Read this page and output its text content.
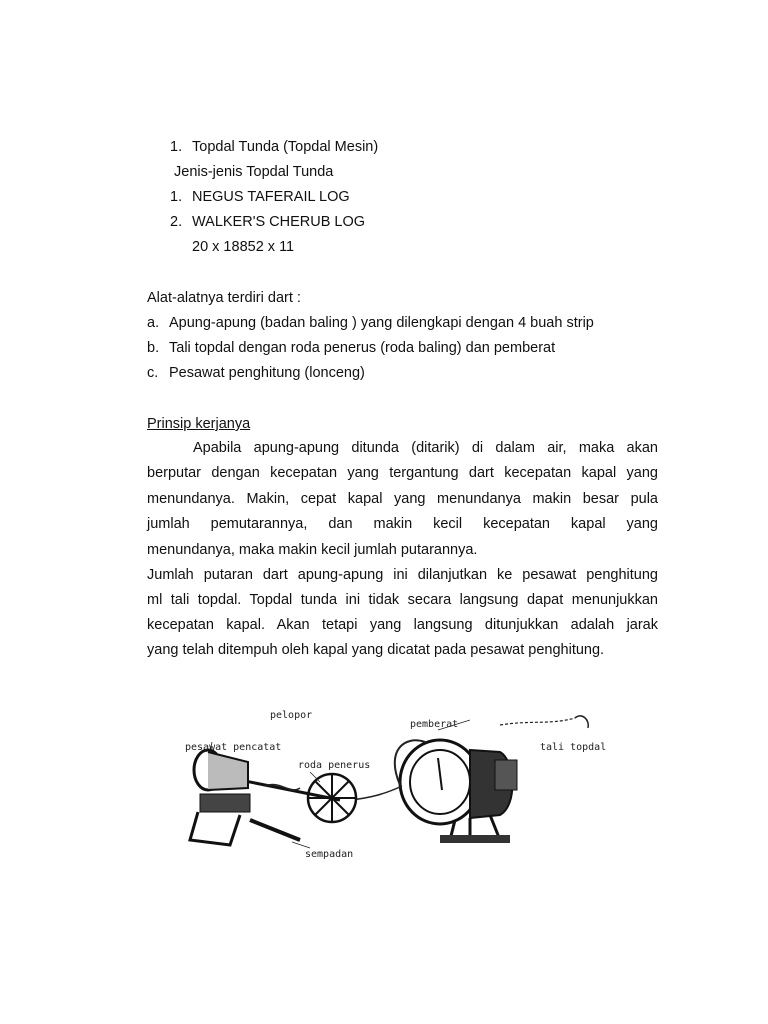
1. Topdal Tunda (Topdal Mesin)
Jenis-jenis Topdal Tunda
1. NEGUS TAFERAIL LOG
2. WALKER'S CHERUB LOG
20 x 18852 x 11
Alat-alatnya terdiri dart :
a. Apung-apung (badan baling ) yang dilengkapi dengan 4 buah strip
b. Tali topdal dengan roda penerus (roda baling) dan pemberat
c. Pesawat penghitung (lonceng)
Prinsip kerjanya
Apabila apung-apung ditunda (ditarik) di dalam air, maka akan
berputar dengan kecepatan yang tergantung dart kecepatan kapal yang
menundanya. Makin, cepat kapal yang menundanya makin besar pula
jumlah pemutarannya, dan makin kecil kecepatan kapal yang
menundanya, maka makin kecil jumlah putarannya.
Jumlah putaran dart apung-apung ini dilanjutkan ke pesawat penghitung
ml tali topdal. Topdal tunda ini tidak secara langsung dapat menunjukkan
kecepatan kapal. Akan tetapi yang langsung ditunjukkan adalah jarak
yang telah ditempuh oleh kapal yang dicatat pada pesawat penghitung.
pelopor
pemberat
tali topdal
pesawat pencatat
roda penerus
sempadan
